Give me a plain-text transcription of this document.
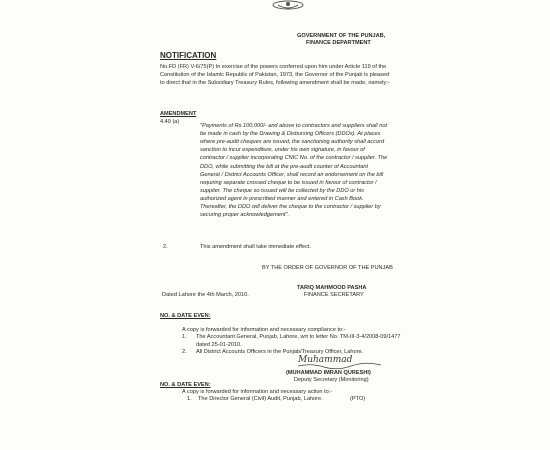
GOVERNMENT OF THE PUNJAB,
FINANCE DEPARTMENT
NOTIFICATION
No.FD (FR) V-6/75(P) In exercise of the powers conferred upon him under Article 119 of the Constitution of the Islamic Republic of Pakistan, 1973, the Governor of the Punjab is pleased to direct that in the Subsidiary Treasury Rules, following amendment shall be made, namely:-
AMENDMENT
4.49 (a)
"Payments of Rs.100,000/- and above to contractors and suppliers shall not be made in cash by the Drawing & Disbursing Officers (DDOs). At places where pre-audit cheques are issued, the sanctioning authority shall accord sanction to incur expenditure, under his own signature, in favour of contractor / supplier incorporating CNIC No. of the contractor / supplier. The DDO, while submitting the bill at the pre-audit counter of Accountant General / District Accounts Officer, shall record an endorsement on the bill requiring separate crossed cheque to be issued in favour of contractor / supplier. The cheque so issued will be collected by the DDO or his authorized agent in prescribed manner and entered in Cash Book. Thereafter, the DDO will deliver the cheque to the contractor / supplier by securing proper acknowledgement".
2.	This amendment shall take immediate effect.
BY THE ORDER OF GOVERNOR OF THE PUNJAB
TARIQ MAHMOOD PASHA
FINANCE SECRETARY
Dated Lahore the 4th March, 2010.
NO. & DATE EVEN:
A copy is forwarded for information and necessary compliance to:-
1. The Accountant General, Punjab, Lahore, wrt to letter No. TM-III-3-4/2008-09/1477 dated 25-01-2010.
2. All District Accounts Officers in the Punjab/Treasury Officer, Lahore.
Muhammad
(MUHAMMAD IMRAN QURESHI)
Deputy Secretary (Monitoring)
NO. & DATE EVEN:
A copy is forwarded for information and necessary action to:-
1. The Director General (Civil) Audit, Punjab, Lahore.	(PTO)
